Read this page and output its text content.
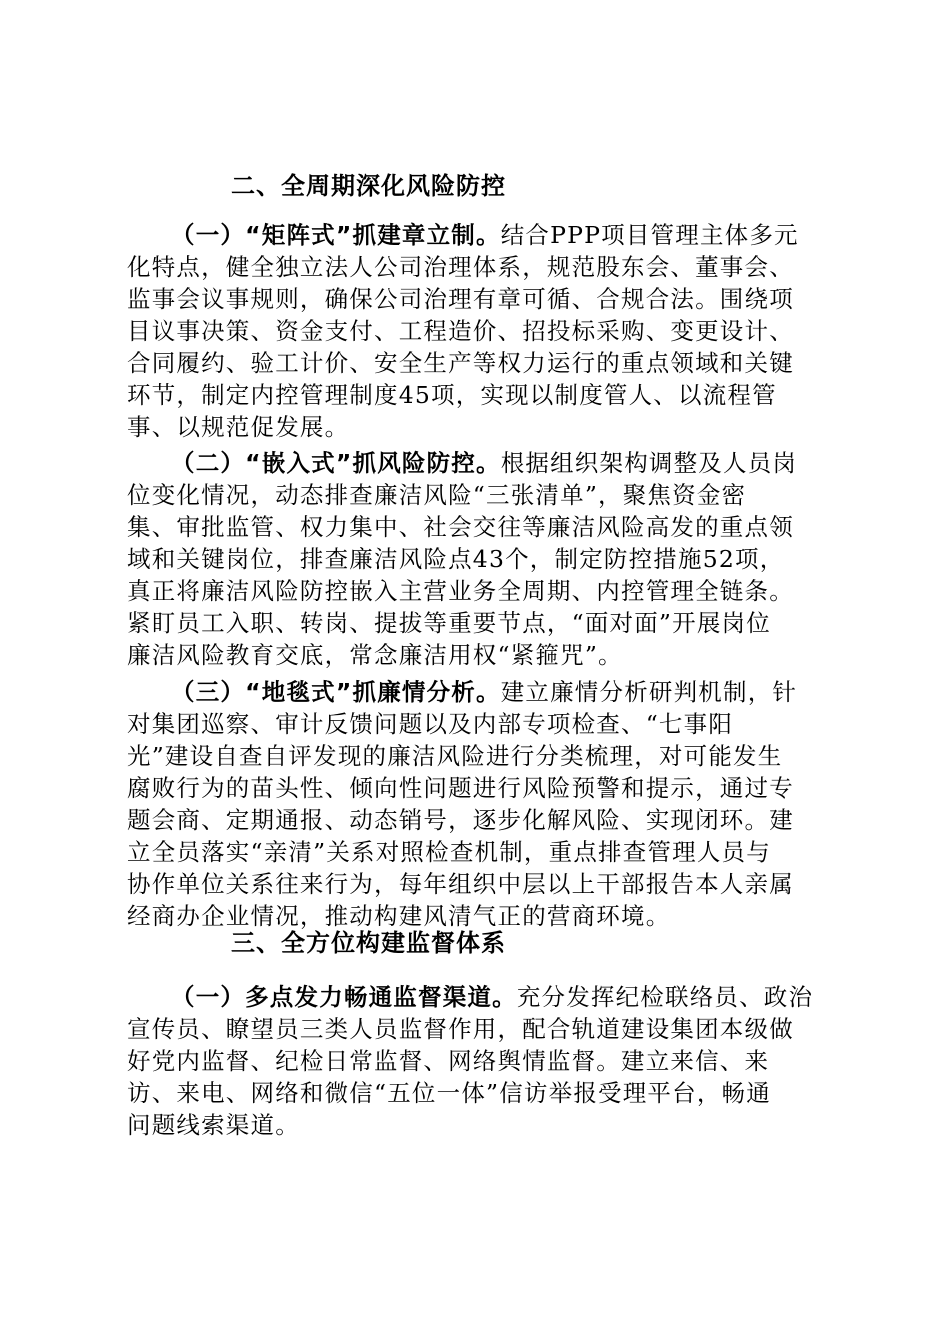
二、全周期深化风险防控
（一）“矩阵式”抓建章立制。结合PPP项目管理主体多元
化特点，健全独立法人公司治理体系，规范股东会、董事会、
监事会议事规则，确保公司治理有章可循、合规合法。围绕项
目议事决策、资金支付、工程造价、招投标采购、变更设计、
合同履约、验工计价、安全生产等权力运行的重点领域和关键
环节，制定内控管理制度45项，实现以制度管人、以流程管
事、以规范促发展。
（二）“嵌入式”抓风险防控。根据组织架构调整及人员岗
位变化情况，动态排查廉洁风险“三张清单”，聚焦资金密
集、审批监管、权力集中、社会交往等廉洁风险高发的重点领
域和关键岗位，排查廉洁风险点43个，制定防控措施52项，
真正将廉洁风险防控嵌入主营业务全周期、内控管理全链条。
紧盯员工入职、转岗、提拔等重要节点，“面对面”开展岗位
廉洁风险教育交底，常念廉洁用权“紧箍咒”。
（三）“地毯式”抓廉情分析。建立廉情分析研判机制，针
对集团巡察、审计反馈问题以及内部专项检查、“七事阳
光”建设自查自评发现的廉洁风险进行分类梳理，对可能发生
腐败行为的苗头性、倾向性问题进行风险预警和提示，通过专
题会商、定期通报、动态销号，逐步化解风险、实现闭环。建
立全员落实“亲清”关系对照检查机制，重点排查管理人员与
协作单位关系往来行为，每年组织中层以上干部报告本人亲属
经商办企业情况，推动构建风清气正的营商环境。
三、全方位构建监督体系
（一）多点发力畅通监督渠道。充分发挥纪检联络员、政治
宣传员、瞭望员三类人员监督作用，配合轨道建设集团本级做
好党内监督、纪检日常监督、网络舆情监督。建立来信、来
访、来电、网络和微信“五位一体”信访举报受理平台，畅通
问题线索渠道。
